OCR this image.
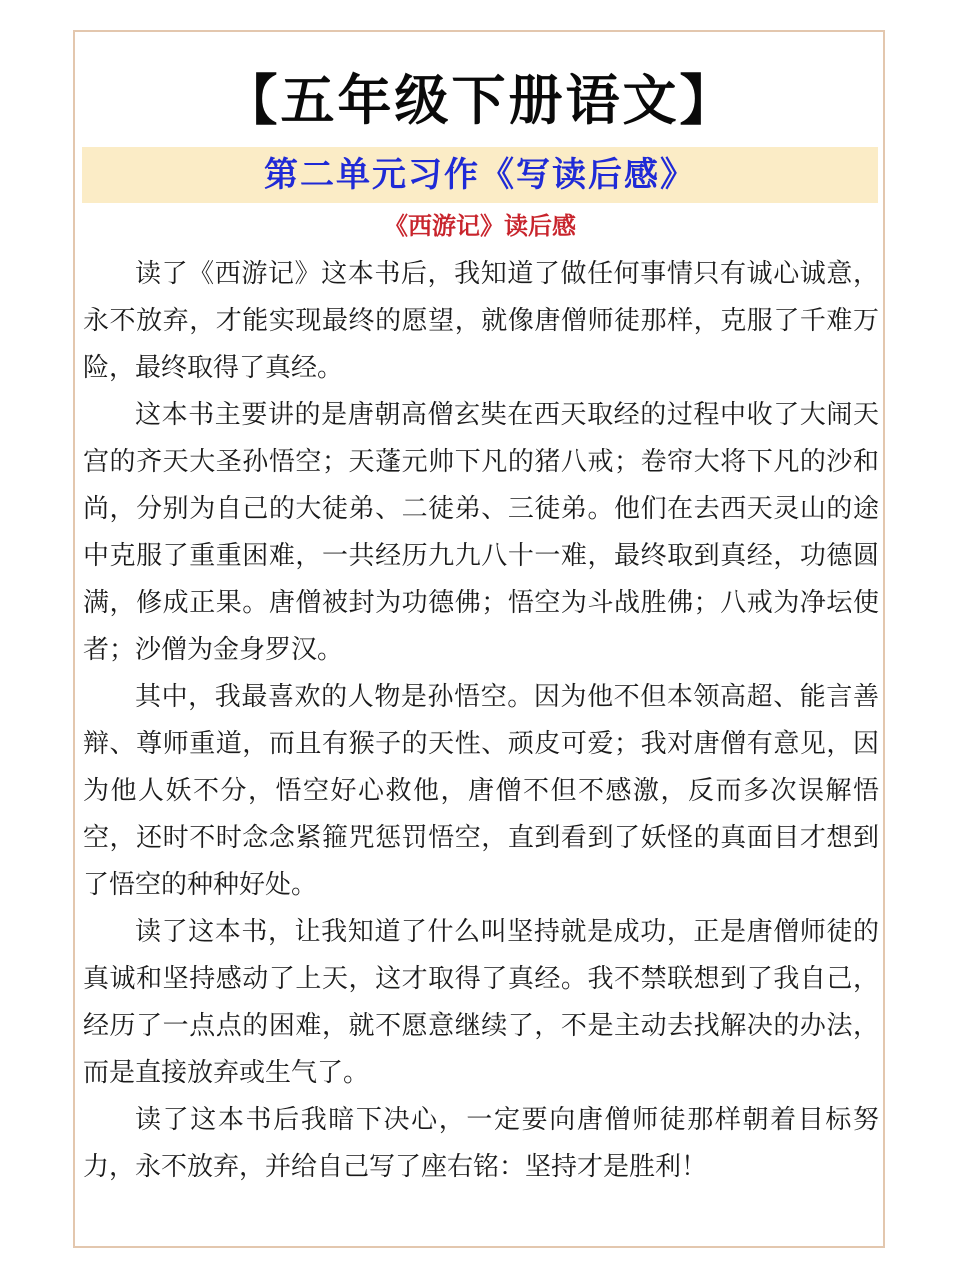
【五年级下册语文】
第二单元习作《写读后感》
《西游记》读后感

读了《西游记》这本书后，我知道了做任何事情只有诚心诚意，永不放弃，才能实现最终的愿望，就像唐僧师徒那样，克服了千难万险，最终取得了真经。

这本书主要讲的是唐朝高僧玄奘在西天取经的过程中收了大闹天宫的齐天大圣孙悟空；天蓬元帅下凡的猪八戒；卷帘大将下凡的沙和尚，分别为自己的大徒弟、二徒弟、三徒弟。他们在去西天灵山的途中克服了重重困难，一共经历九九八十一难，最终取到真经，功德圆满，修成正果。唐僧被封为功德佛；悟空为斗战胜佛；八戒为净坛使者；沙僧为金身罗汉。

其中，我最喜欢的人物是孙悟空。因为他不但本领高超、能言善辩、尊师重道，而且有猴子的天性、顽皮可爱；我对唐僧有意见，因为他人妖不分，悟空好心救他，唐僧不但不感激，反而多次误解悟空，还时不时念念紧箍咒惩罚悟空，直到看到了妖怪的真面目才想到了悟空的种种好处。

读了这本书，让我知道了什么叫坚持就是成功，正是唐僧师徒的真诚和坚持感动了上天，这才取得了真经。我不禁联想到了我自己，经历了一点点的困难，就不愿意继续了，不是主动去找解决的办法，而是直接放弃或生气了。

读了这本书后我暗下决心，一定要向唐僧师徒那样朝着目标努力，永不放弃，并给自己写了座右铭：坚持才是胜利！
